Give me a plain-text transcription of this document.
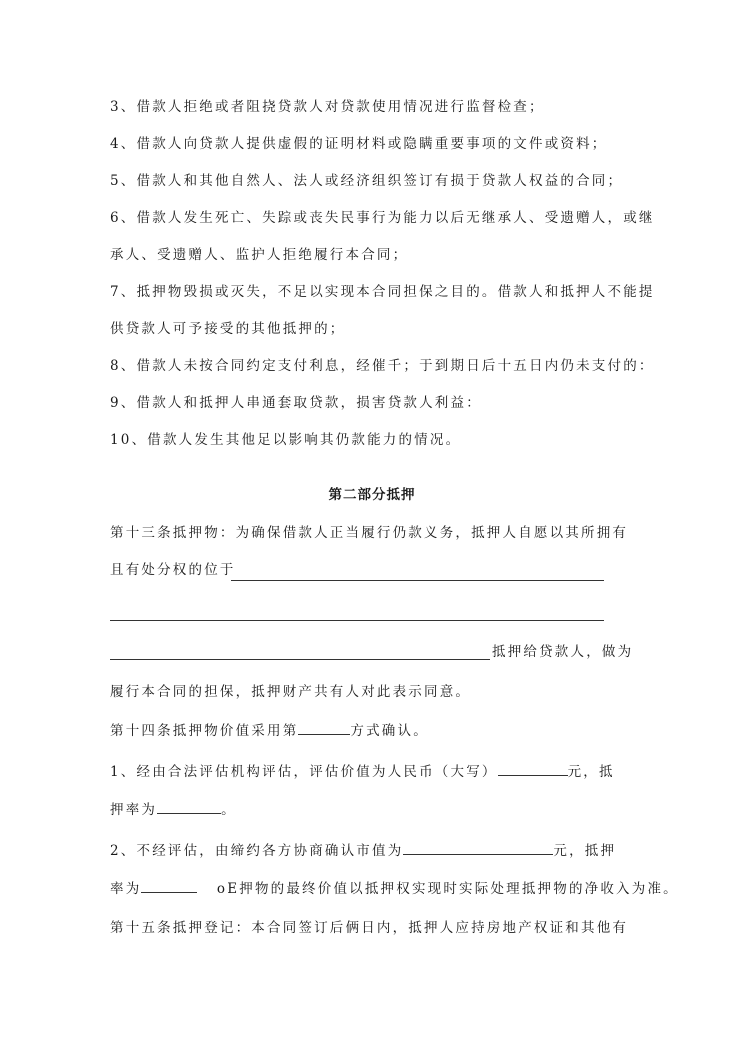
3、借款人拒绝或者阻挠贷款人对贷款使用情况进行监督检查；
4、借款人向贷款人提供虚假的证明材料或隐瞒重要事项的文件或资料；
5、借款人和其他自然人、法人或经济组织签订有损于贷款人权益的合同；
6、借款人发生死亡、失踪或丧失民事行为能力以后无继承人、受遗赠人，或继
承人、受遗赠人、监护人拒绝履行本合同；
7、抵押物毁损或灭失，不足以实现本合同担保之目的。借款人和抵押人不能提
供贷款人可予接受的其他抵押的；
8、借款人未按合同约定支付利息，经催千；于到期日后十五日内仍未支付的：
9、借款人和抵押人串通套取贷款，损害贷款人利益：
10、借款人发生其他足以影响其仍款能力的情况。
第二部分抵押
第十三条抵押物：为确保借款人正当履行仍款义务，抵押人自愿以其所拥有
且有处分权的位于
抵押给贷款人，做为
履行本合同的担保，抵押财产共有人对此表示同意。
第十四条抵押物价值采用第	方式确认。
1、经由合法评估机构评估，评估价值为人民币（大写）	元，抵
押率为	。
2、不经评估，由缔约各方协商确认市值为	元，抵押
率为	oE押物的最终价值以抵押权实现时实际处理抵押物的净收入为准。
第十五条抵押登记：本合同签订后俩日内，抵押人应持房地产权证和其他有
